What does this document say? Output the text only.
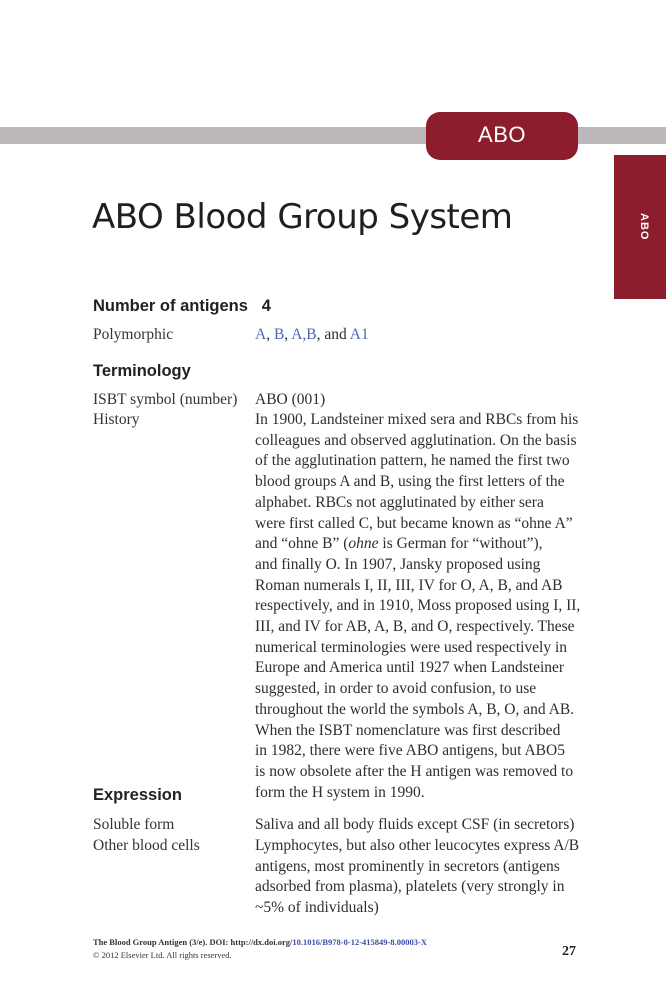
ABO
ABO
ABO Blood Group System
Number of antigens 4
Polymorphic	A, B, A,B, and A1
Terminology
ISBT symbol (number) ABO (001)
History	In 1900, Landsteiner mixed sera and RBCs from his

colleagues and observed agglutination. On the basis

of the agglutination pattern, he named the first two

blood groups A and B, using the first letters of the

alphabet. RBCs not agglutinated by either sera

were first called C, but became known as “ohne A”

and “ohne B” (ohne is German for “without”),

and finally O. In 1907, Jansky proposed using

Roman numerals I, II, III, IV for O, A, B, and AB

respectively, and in 1910, Moss proposed using I, II,

III, and IV for AB, A, B, and O, respectively. These

numerical terminologies were used respectively in

Europe and America until 1927 when Landsteiner

suggested, in order to avoid confusion, to use

throughout the world the symbols A, B, O, and AB.

When the ISBT nomenclature was first described

in 1982, there were five ABO antigens, but ABO5

is now obsolete after the H antigen was removed to

form the H system in 1990.

Expression
Soluble form	Saliva and all body fluids except CSF (in secretors)

Other blood cells	Lymphocytes, but also other leucocytes express A/B

antigens, most prominently in secretors (antigens

adsorbed from plasma), platelets (very strongly in

~5% of individuals)

The Blood Group Antigen (3/e). DOI: http://dx.doi.org/10.1016/B978-0-12-415849-8.00003-X
© 2012 Elsevier Ltd. All rights reserved.	27
